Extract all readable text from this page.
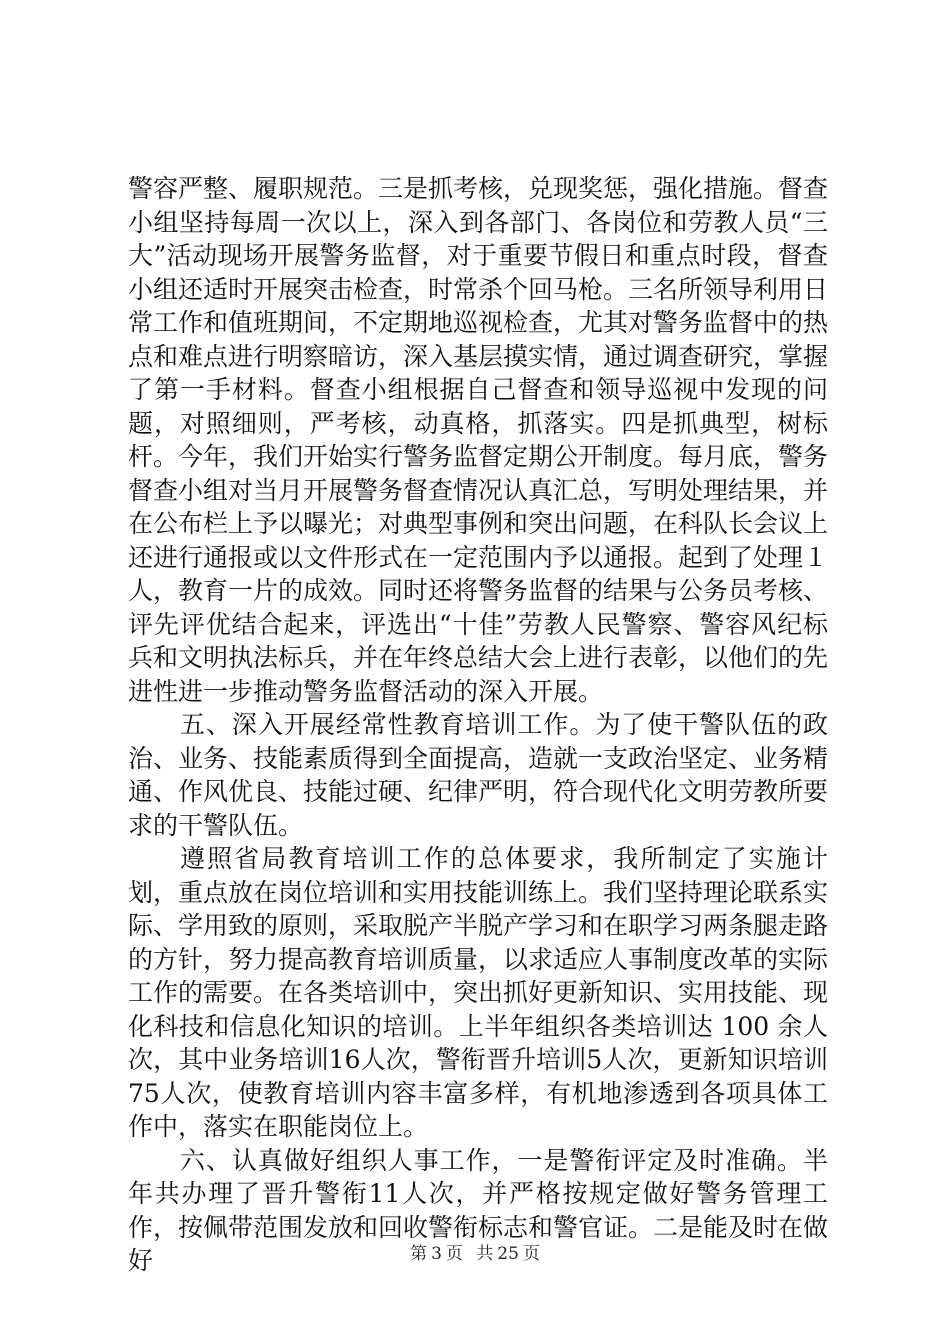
警容严整、履职规范。三是抓考核，兑现奖惩，强化措施。督查小组坚持每周一次以上，深入到各部门、各岗位和劳教人员“三大”活动现场开展警务监督，对于重要节假日和重点时段，督查小组还适时开展突击检查，时常杀个回马枪。三名所领导利用日常工作和值班期间，不定期地巡视检查，尤其对警务监督中的热点和难点进行明察暗访，深入基层摸实情，通过调查研究，掌握了第一手材料。督查小组根据自己督查和领导巡视中发现的问题，对照细则，严考核，动真格，抓落实。四是抓典型，树标杆。今年，我们开始实行警务监督定期公开制度。每月底，警务督查小组对当月开展警务督查情况认真汇总，写明处理结果，并在公布栏上予以曝光；对典型事例和突出问题，在科队长会议上还进行通报或以文件形式在一定范围内予以通报。起到了处理１人，教育一片的成效。同时还将警务监督的结果与公务员考核、评先评优结合起来，评选出“十佳”劳教人民警察、警容风纪标兵和文明执法标兵，并在年终总结大会上进行表彰，以他们的先进性进一步推动警务监督活动的深入开展。

五、深入开展经常性教育培训工作。为了使干警队伍的政治、业务、技能素质得到全面提高，造就一支政治坚定、业务精通、作风优良、技能过硬、纪律严明，符合现代化文明劳教所要求的干警队伍。

遵照省局教育培训工作的总体要求，我所制定了实施计划，重点放在岗位培训和实用技能训练上。我们坚持理论联系实际、学用致的原则，采取脱产半脱产学习和在职学习两条腿走路的方针，努力提高教育培训质量，以求适应人事制度改革的实际工作的需要。在各类培训中，突出抓好更新知识、实用技能、现化科技和信息化知识的培训。上半年组织各类培训达 100 余人次，其中业务培训16人次，警衔晋升培训5人次，更新知识培训75人次，使教育培训内容丰富多样，有机地渗透到各项具体工作中，落实在职能岗位上。

六、认真做好组织人事工作，一是警衔评定及时准确。半年共办理了晋升警衔11人次，并严格按规定做好警务管理工作，按佩带范围发放和回收警衔标志和警官证。二是能及时在做好	第 3 页 共 25 页
